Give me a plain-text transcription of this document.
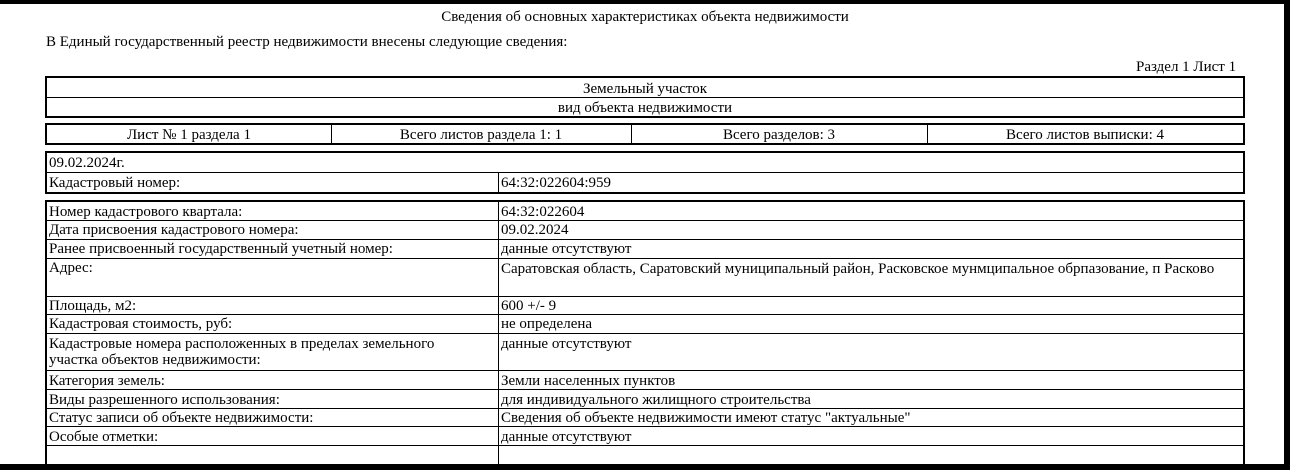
Сведения об основных характеристиках объекта недвижимости
В Единый государственный реестр недвижимости внесены следующие сведения:
Раздел 1 Лист 1
Земельный участок
вид объекта недвижимости
Лист № 1 раздела 1	Всего листов раздела 1: 1	Всего разделов: 3	Всего листов выписки: 4
09.02.2024г.
Кадастровый номер:	64:32:022604:959
Номер кадастрового квартала:	64:32:022604
Дата присвоения кадастрового номера:	09.02.2024
Ранее присвоенный государственный учетный номер:	данные отсутствуют
Адрес:	Саратовская область, Саратовский муниципальный район, Расковское мунмципальное обрпазование, п Расково
Площадь, м2:	600 +/- 9
Кадастровая стоимость, руб:	не определена
Кадастровые номера расположенных в пределах земельного участка объектов недвижимости:
данные отсутствуют
Категория земель:	Земли населенных пунктов
Виды разрешенного использования:	для индивидуального жилищного строительства
Статус записи об объекте недвижимости:	Сведения об объекте недвижимости имеют статус "актуальные"
Особые отметки:	данные отсутствуют
